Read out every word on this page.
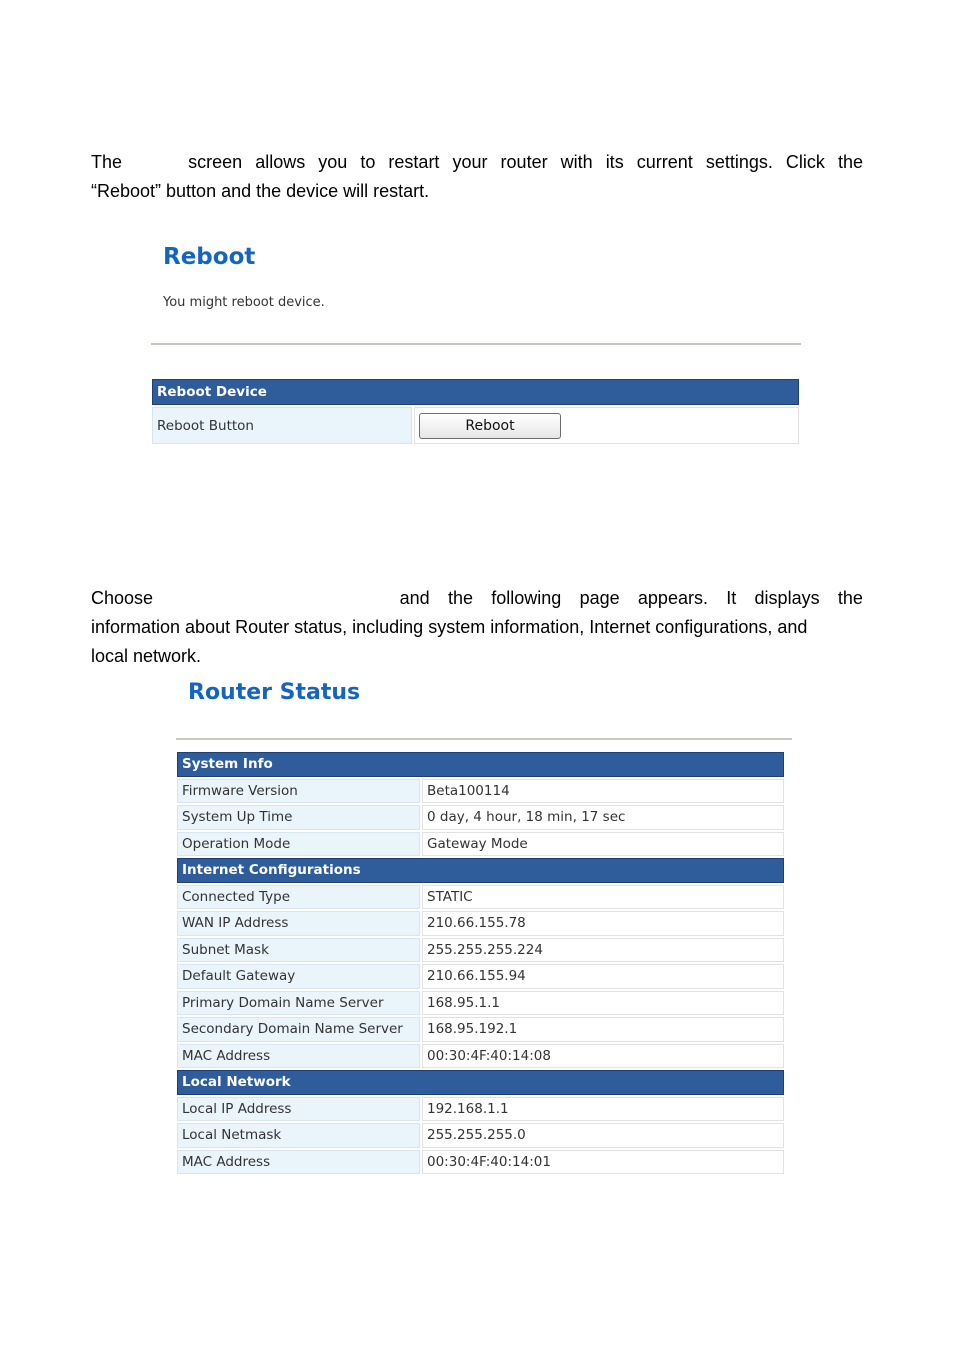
The	screen allows you to restart your router with its current settings. Click the
“Reboot” button and the device will restart.
Reboot
You might reboot device.
Reboot Device
Reboot Button	Reboot
Choose	and the following page appears. It displays the
information about Router status, including system information, Internet configurations, and
local network.
Router Status
System Info	
Firmware Version	Beta100114
System Up Time	0 day, 4 hour, 18 min, 17 sec
Operation Mode	Gateway Mode
Internet Configurations	
Connected Type	STATIC
WAN IP Address	210.66.155.78
Subnet Mask	255.255.255.224
Default Gateway	210.66.155.94
Primary Domain Name Server	168.95.1.1
Secondary Domain Name Server	168.95.192.1
MAC Address	00:30:4F:40:14:08
Local Network	
Local IP Address	192.168.1.1
Local Netmask	255.255.255.0
MAC Address	00:30:4F:40:14:01
